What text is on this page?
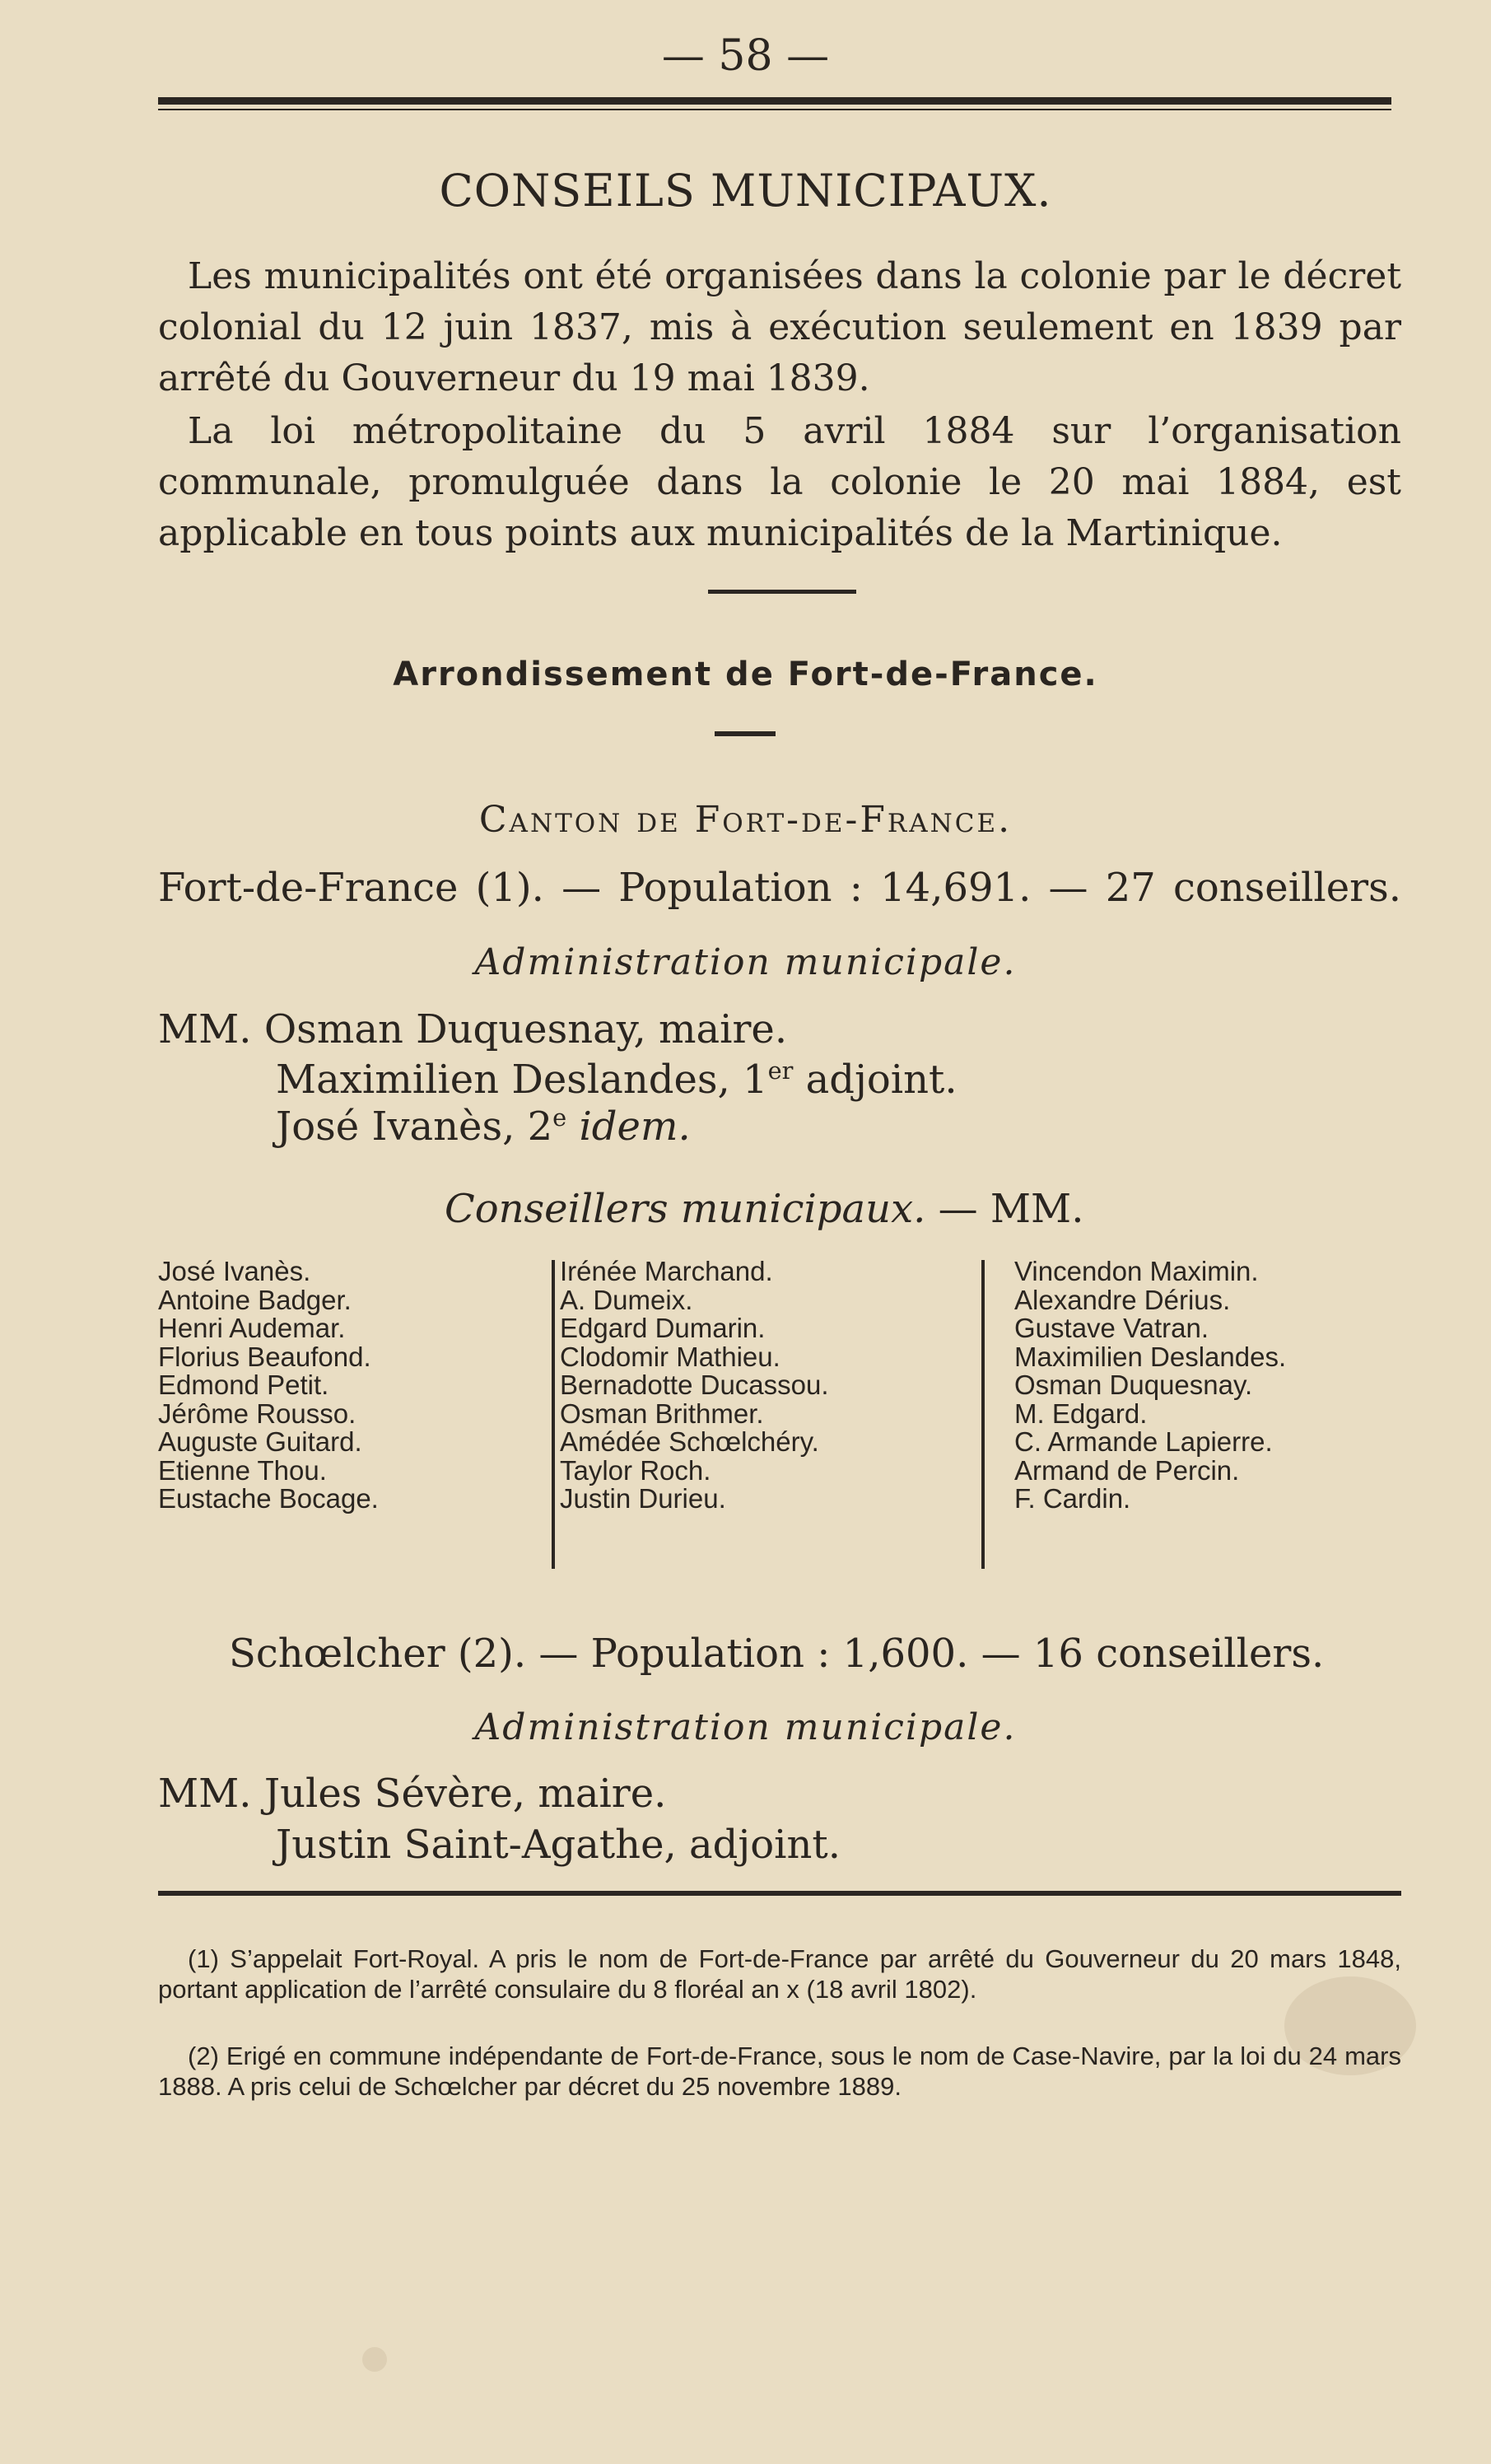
— 58 —
CONSEILS MUNICIPAUX.
Les municipalités ont été organisées dans la colonie par le décret colonial du 12 juin 1837, mis à exécution seulement en 1839 par arrêté du Gouverneur du 19 mai 1839.
La loi métropolitaine du 5 avril 1884 sur l’organisation communale, promulguée dans la colonie le 20 mai 1884, est applicable en tous points aux municipalités de la Martinique.
Arrondissement de Fort-de-France.
Canton de Fort-de-France.
Fort-de-France (1). — Population : 14,691. — 27 conseillers.
Administration municipale.
MM. Osman Duquesnay, maire.
Maximilien Deslandes, 1er adjoint.
José Ivanès, 2e idem.
Conseillers municipaux. — MM.
José Ivanès.
Antoine Badger.
Henri Audemar.
Florius Beaufond.
Edmond Petit.
Jérôme Rousso.
Auguste Guitard.
Etienne Thou.
Eustache Bocage.
Irénée Marchand.
A. Dumeix.
Edgard Dumarin.
Clodomir Mathieu.
Bernadotte Ducassou.
Osman Brithmer.
Amédée Schœlchéry.
Taylor Roch.
Justin Durieu.
Vincendon Maximin.
Alexandre Dérius.
Gustave Vatran.
Maximilien Deslandes.
Osman Duquesnay.
M. Edgard.
C. Armande Lapierre.
Armand de Percin.
F. Cardin.
Schœlcher (2). — Population : 1,600. — 16 conseillers.
Administration municipale.
MM. Jules Sévère, maire.
Justin Saint-Agathe, adjoint.
(1) S’appelait Fort-Royal. A pris le nom de Fort-de-France par arrêté du Gouverneur du 20 mars 1848, portant application de l’arrêté consulaire du 8 floréal an x (18 avril 1802).
(2) Erigé en commune indépendante de Fort-de-France, sous le nom de Case-Navire, par la loi du 24 mars 1888. A pris celui de Schœlcher par décret du 25 novembre 1889.
